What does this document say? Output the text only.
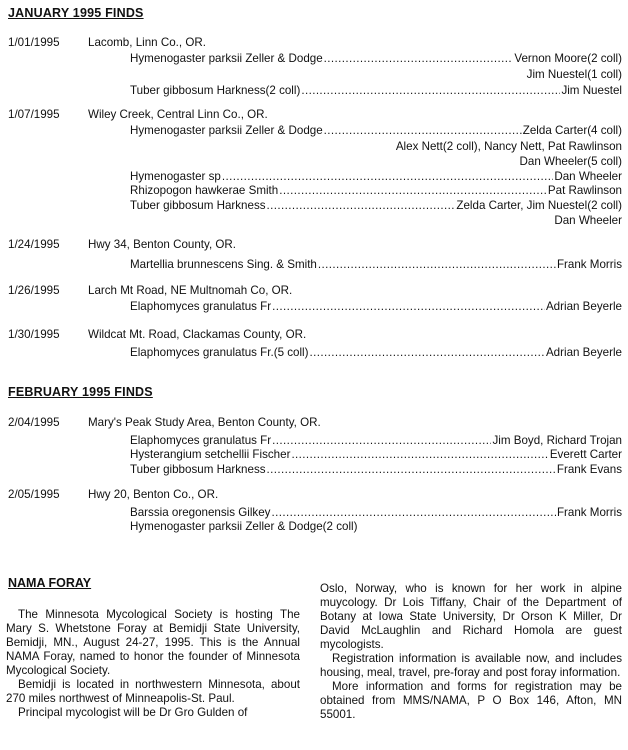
JANUARY 1995 FINDS
1/01/1995 Lacomb, Linn Co., OR.
Hymenogaster parksii Zeller & Dodge .....	Vernon Moore(2 coll)
Jim Nuestel(1 coll)
Tuber gibbosum Harkness(2 coll) .....	Jim Nuestel
1/07/1995 Wiley Creek, Central Linn Co., OR.
Hymenogaster parksii Zeller & Dodge .....	Zelda Carter(4 coll)
Alex Nett(2 coll), Nancy Nett, Pat Rawlinson
Dan Wheeler(5 coll)
Hymenogaster sp .....	Dan Wheeler
Rhizopogon hawkerae Smith .....	Pat Rawlinson
Tuber gibbosum Harkness .....	Zelda Carter, Jim Nuestel(2 coll)
Dan Wheeler
1/24/1995 Hwy 34, Benton County, OR.
Martellia brunnescens Sing. & Smith .....	Frank Morris
1/26/1995 Larch Mt Road, NE Multnomah Co, OR.
Elaphomyces granulatus Fr .....	Adrian Beyerle
1/30/1995 Wildcat Mt. Road, Clackamas County, OR.
Elaphomyces granulatus Fr.(5 coll) .....	Adrian Beyerle
FEBRUARY 1995 FINDS
2/04/1995 Mary's Peak Study Area, Benton County, OR.
Elaphomyces granulatus Fr .....	Jim Boyd, Richard Trojan
Hysterangium setchellii Fischer .....	Everett Carter
Tuber gibbosum Harkness .....	Frank Evans
2/05/1995 Hwy 20, Benton Co., OR.
Barssia oregonensis Gilkey .....	Frank Morris
Hymenogaster parksii Zeller & Dodge(2 coll)
NAMA FORAY

The Minnesota Mycological Society is hosting The Mary S. Whetstone Foray at Bemidji State University, Bemidji, MN., August 24-27, 1995. This is the Annual NAMA Foray, named to honor the founder of Minnesota Mycological Society.

Bemidji is located in northwestern Minnesota, about 270 miles northwest of Minneapolis-St. Paul.

Principal mycologist will be Dr Gro Gulden of

Oslo, Norway, who is known for her work in alpine muycology. Dr Lois Tiffany, Chair of the Department of Botany at Iowa State University, Dr Orson K Miller, Dr David McLaughlin and Richard Homola are guest mycologists.

Registration information is available now, and includes housing, meal, travel, pre-foray and post foray information.

More information and forms for registration may be obtained from MMS/NAMA, P O Box 146, Afton, MN 55001.
